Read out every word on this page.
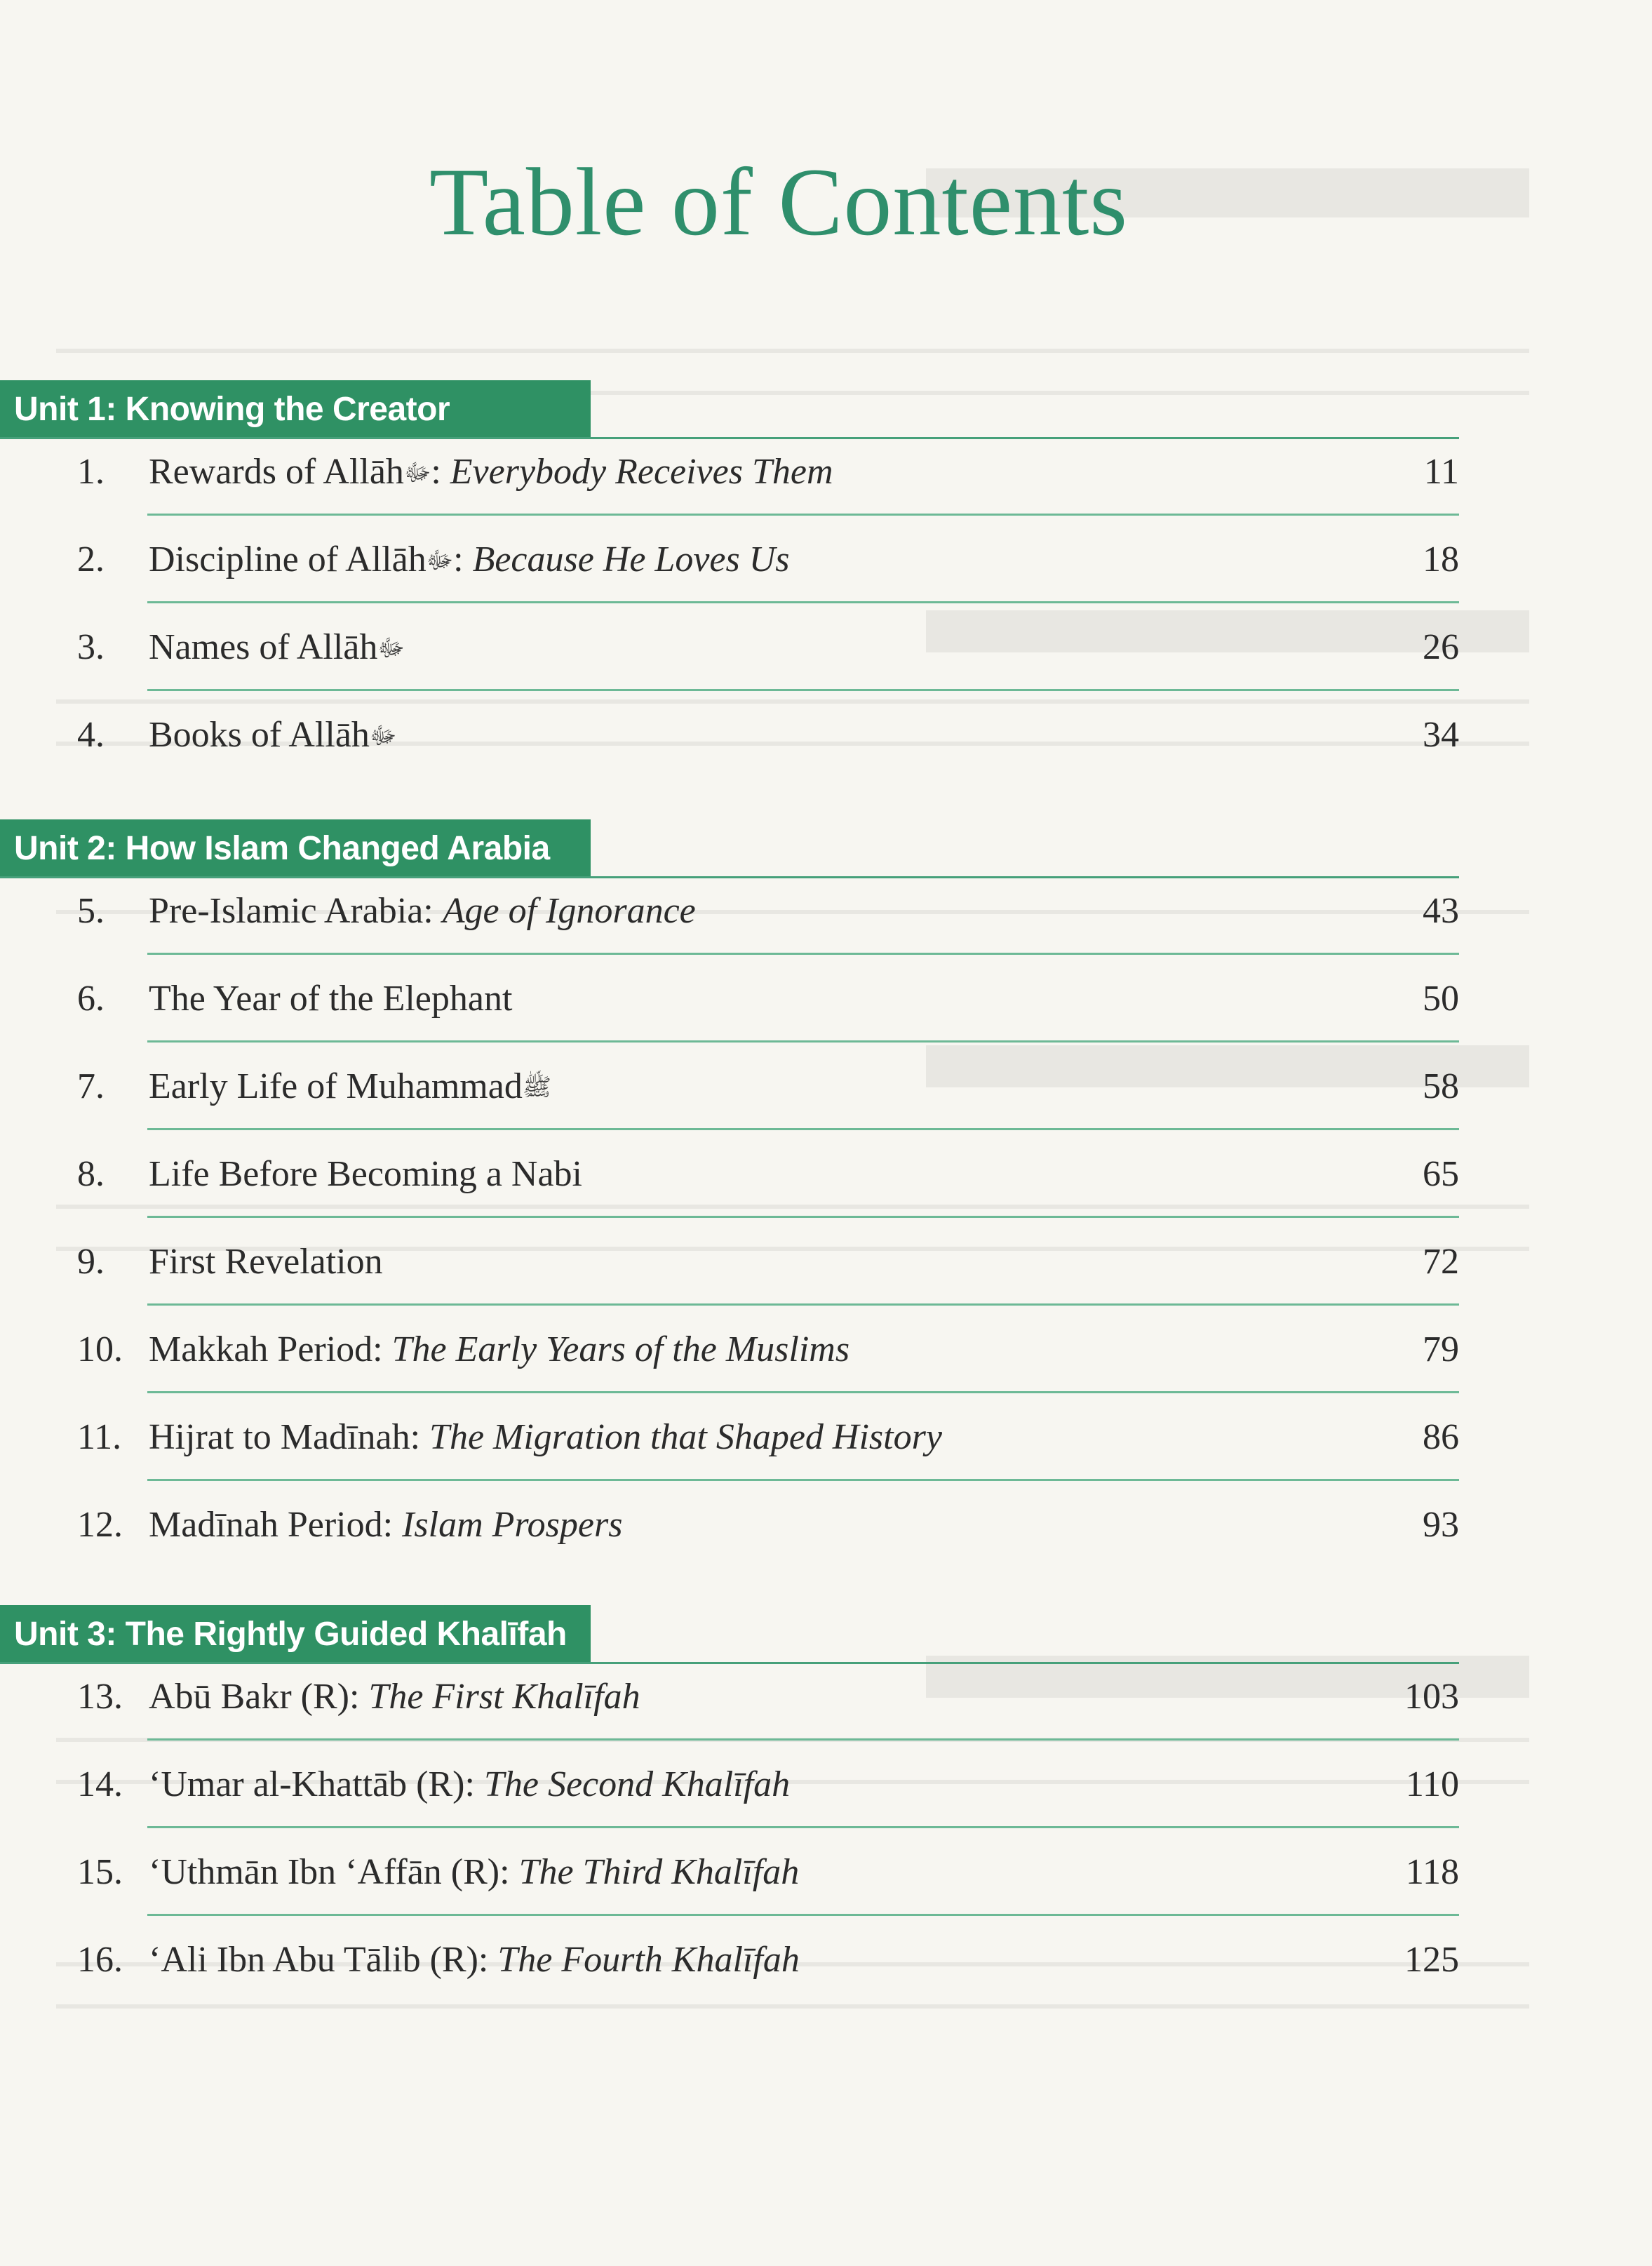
Table of Contents
Unit 1: Knowing the Creator
1.	Rewards of Allāhﷻ: Everybody Receives Them	11
2.	Discipline of Allāhﷻ: Because He Loves Us	18
3.	Names of Allāhﷻ	26
4.	Books of Allāhﷻ	34
Unit 2: How Islam Changed Arabia
5.	Pre-Islamic Arabia: Age of Ignorance	43
6.	The Year of the Elephant	50
7.	Early Life of Muhammadﷺ	58
8.	Life Before Becoming a Nabi	65
9.	First Revelation	72
10. Makkah Period: The Early Years of the Muslims	79
11. Hijrat to Madīnah: The Migration that Shaped History	86
12. Madīnah Period: Islam Prospers	93
Unit 3: The Rightly Guided Khalīfah
13. Abū Bakr (R): The First Khalīfah	103
14. ‘Umar al-Khattāb (R): The Second Khalīfah	110
15. ‘Uthmān Ibn ‘Affān (R): The Third Khalīfah	118
16. ‘Ali Ibn Abu Tālib (R): The Fourth Khalīfah	125
